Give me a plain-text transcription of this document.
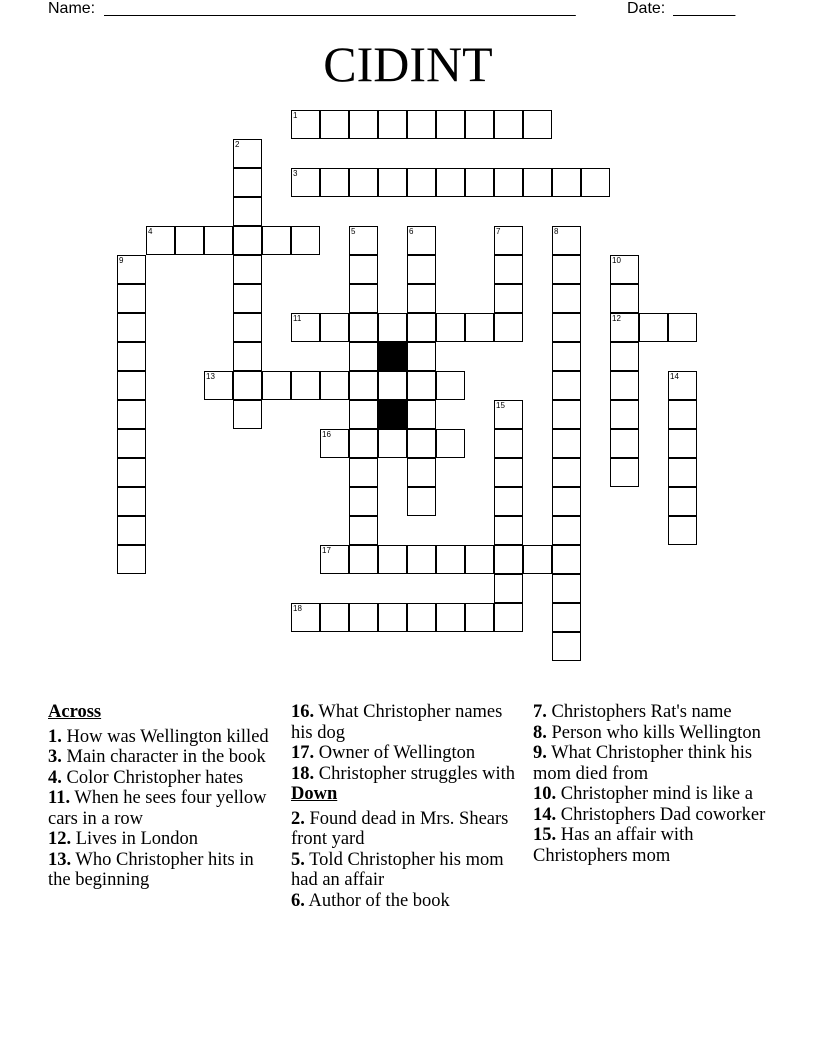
Name: _____________________________________________________	Date: _______
CIDINT
1
2
3
4	5	6	7	8
9	10
11	12
13	14
15
16
17
18
Across
1. How was Wellington killed
3. Main character in the book
4. Color Christopher hates
11. When he sees four yellow cars in a row
12. Lives in London
13. Who Christopher hits in the beginning
16. What Christopher names his dog
17. Owner of Wellington
18. Christopher struggles with
Down
2. Found dead in Mrs. Shears front yard
5. Told Christopher his mom had an affair
6. Author of the book
7. Christophers Rat's name
8. Person who kills Wellington
9. What Christopher think his mom died from
10. Christopher mind is like a
14. Christophers Dad coworker
15. Has an affair with Christophers mom
